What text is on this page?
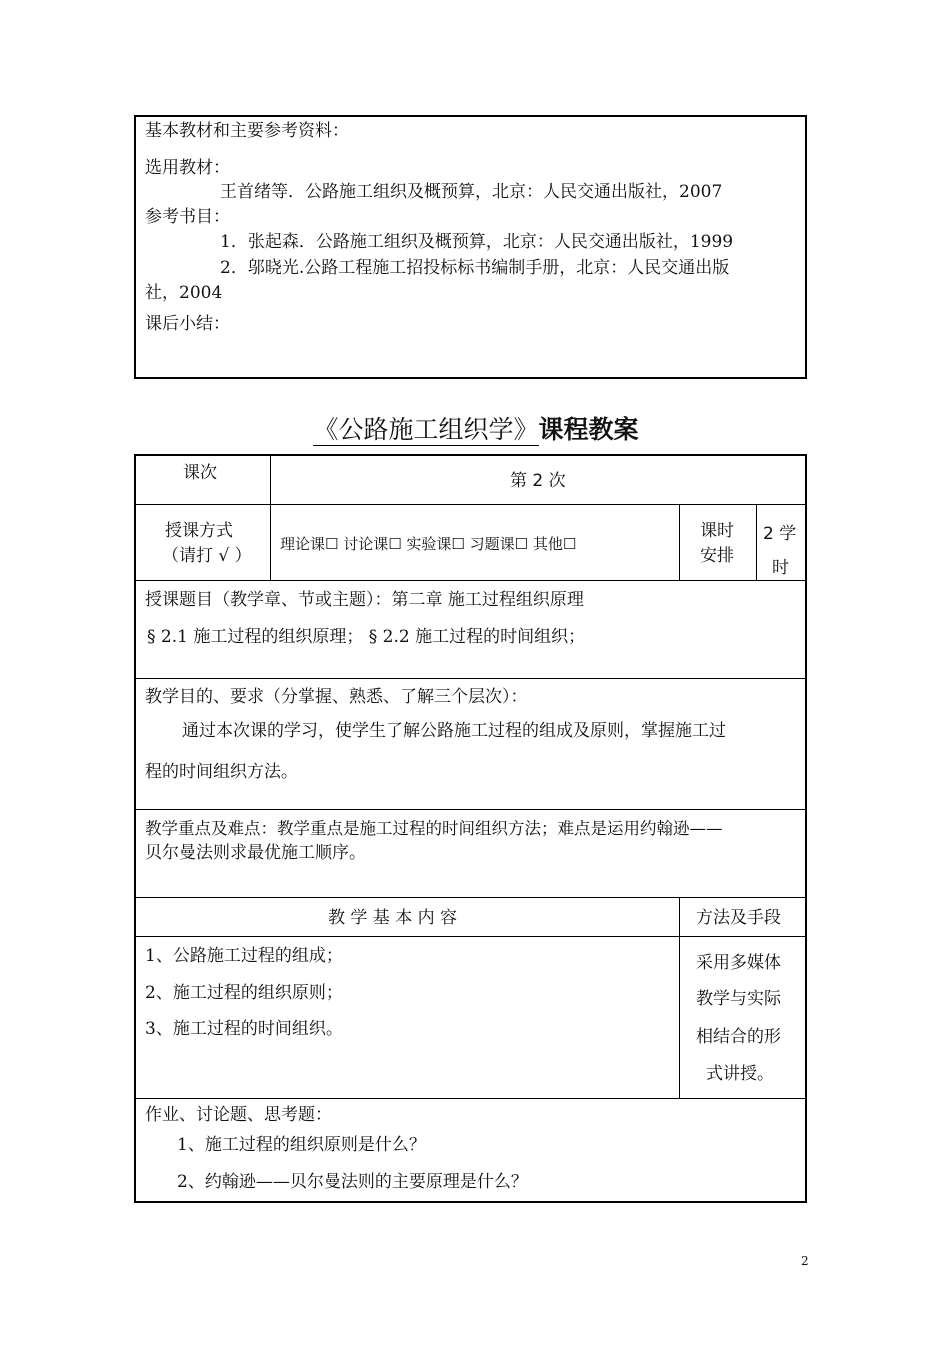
基本教材和主要参考资料：
选用教材：
王首绪等．公路施工组织及概预算，北京：人民交通出版社，2007
参考书目：
1．张起森．公路施工组织及概预算，北京：人民交通出版社，1999
2．邬晓光.公路工程施工招投标标书编制手册，北京：人民交通出版
社，2004
课后小结：
《公路施工组织学》课程教案
课次	第 2 次
授课方式
（请打 √ ）
理论课☐ 讨论课☐ 实验课☐ 习题课☐ 其他☐
课时
安排
2 学
时
授课题目（教学章、节或主题）：第二章 施工过程组织原理
§ 2.1 施工过程的组织原理； § 2.2 施工过程的时间组织；
教学目的、要求（分掌握、熟悉、了解三个层次）：
通过本次课的学习，使学生了解公路施工过程的组成及原则，掌握施工过
程的时间组织方法。
教学重点及难点：教学重点是施工过程的时间组织方法；难点是运用约翰逊——
贝尔曼法则求最优施工顺序。
教 学 基 本 内 容	方法及手段
1、公路施工过程的组成；
2、施工过程的组织原则；
3、施工过程的时间组织。
采用多媒体
教学与实际
相结合的形
式讲授。
作业、讨论题、思考题：
1、施工过程的组织原则是什么？
2、约翰逊——贝尔曼法则的主要原理是什么？
2
